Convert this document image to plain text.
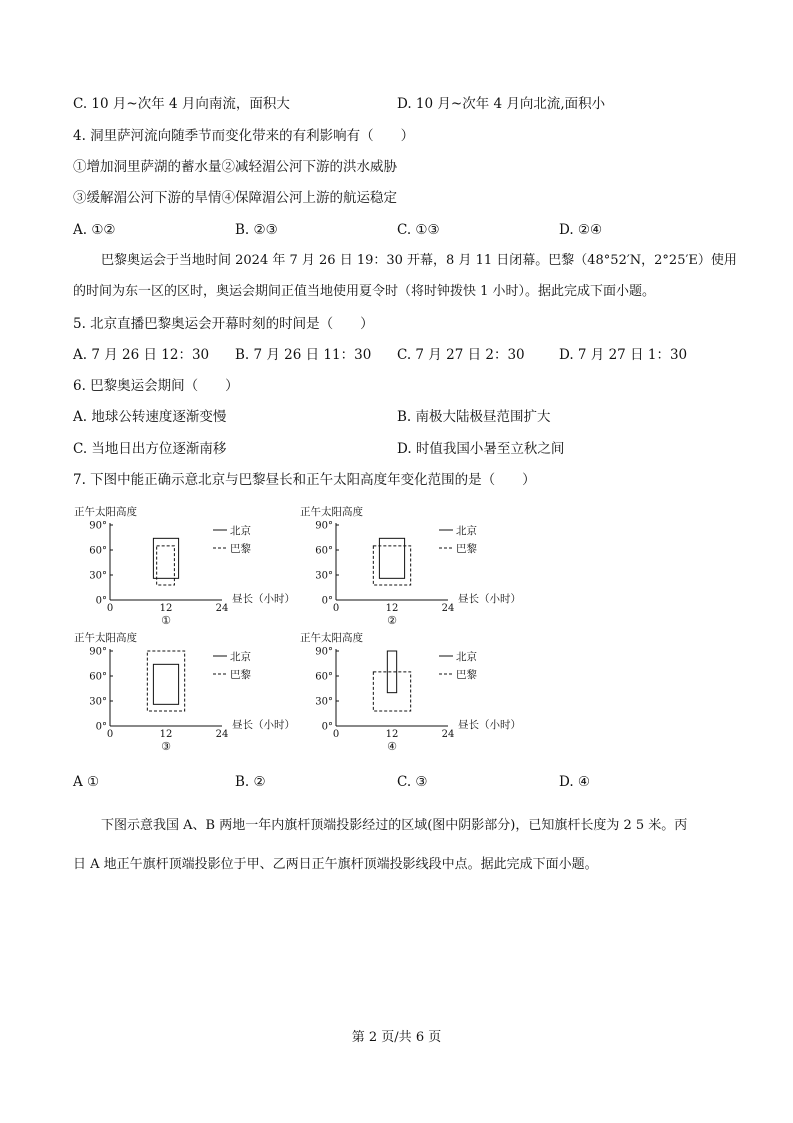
C. 10 月~次年 4 月向南流，面积大	D. 10 月~次年 4 月向北流,面积小
4. 洞里萨河流向随季节而变化带来的有利影响有（　　）
①增加洞里萨湖的蓄水量②减轻湄公河下游的洪水威胁
③缓解湄公河下游的旱情④保障湄公河上游的航运稳定
A. ①②	B. ②③	C. ①③	D. ②④
巴黎奥运会于当地时间 2024 年 7 月 26 日 19：30 开幕，8 月 11 日闭幕。巴黎（48°52′N，2°25′E）使用
的时间为东一区的区时，奥运会期间正值当地使用夏令时（将时钟拨快 1 小时）。据此完成下面小题。
5. 北京直播巴黎奥运会开幕时刻的时间是（　　）
A. 7 月 26 日 12：30 B. 7 月 26 日 11：30 C. 7 月 27 日 2：30	D. 7 月 27 日 1：30
6. 巴黎奥运会期间（　　）
A. 地球公转速度逐渐变慢	B. 南极大陆极昼范围扩大
C. 当地日出方位逐渐南移	D. 时值我国小暑至立秋之间
7. 下图中能正确示意北京与巴黎昼长和正午太阳高度年变化范围的是（　　）
正午太阳高度
0°
30°
60°
90°
0	12	24
昼长（小时）
①
北京
巴黎
正午太阳高度
0°
30°
60°
90°
0	12	24
昼长（小时）
②
北京
巴黎
正午太阳高度
0°
30°
60°
90°
0	12	24
昼长（小时）
③
北京
巴黎
正午太阳高度
0°
30°
60°
90°
0	12	24
昼长（小时）
④
北京
巴黎
A ①	B. ②	C. ③	D. ④
下图示意我国 A、B 两地一年内旗杆顶端投影经过的区域(图中阴影部分)，已知旗杆长度为 2 5 米。丙
日 A 地正午旗杆顶端投影位于甲、乙两日正午旗杆顶端投影线段中点。据此完成下面小题。
第 2 页/共 6 页
